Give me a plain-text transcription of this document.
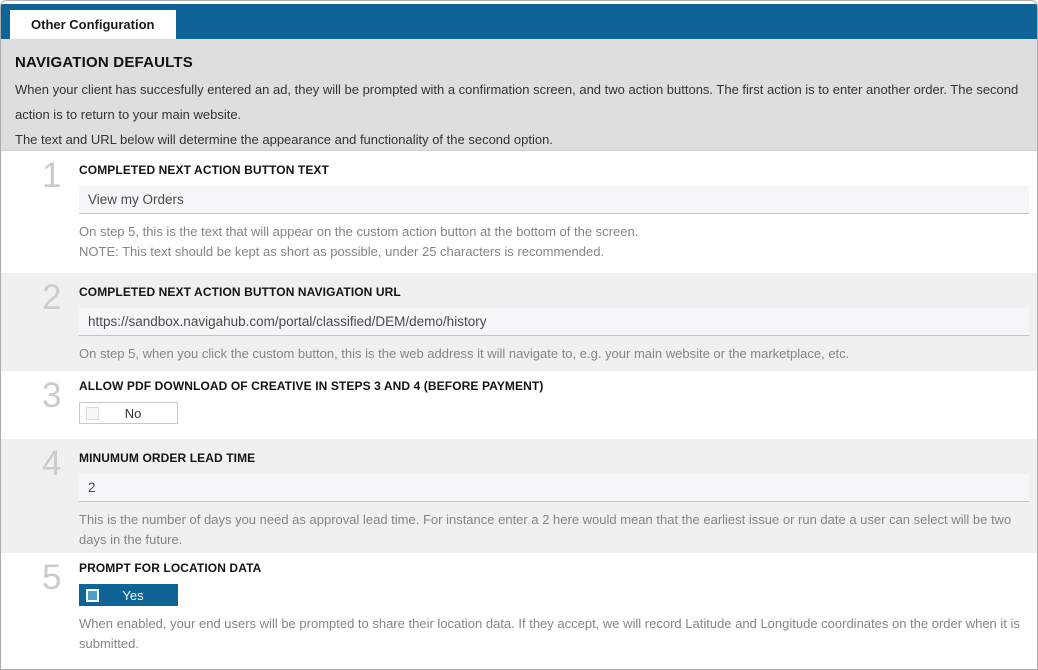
Other Configuration
NAVIGATION DEFAULTS
When your client has succesfully entered an ad, they will be prompted with a confirmation screen, and two action buttons. The first action is to enter another order. The second action is to return to your main website.
The text and URL below will determine the appearance and functionality of the second option.
1 COMPLETED NEXT ACTION BUTTON TEXT
View my Orders
On step 5, this is the text that will appear on the custom action button at the bottom of the screen.
NOTE: This text should be kept as short as possible, under 25 characters is recommended.
2 COMPLETED NEXT ACTION BUTTON NAVIGATION URL
https://sandbox.navigahub.com/portal/classified/DEM/demo/history
On step 5, when you click the custom button, this is the web address it will navigate to, e.g. your main website or the marketplace, etc.
3 ALLOW PDF DOWNLOAD OF CREATIVE IN STEPS 3 AND 4 (BEFORE PAYMENT)
No
4 MINUMUM ORDER LEAD TIME
2
This is the number of days you need as approval lead time. For instance enter a 2 here would mean that the earliest issue or run date a user can select will be two days in the future.
5 PROMPT FOR LOCATION DATA
Yes
When enabled, your end users will be prompted to share their location data. If they accept, we will record Latitude and Longitude coordinates on the order when it is submitted.
